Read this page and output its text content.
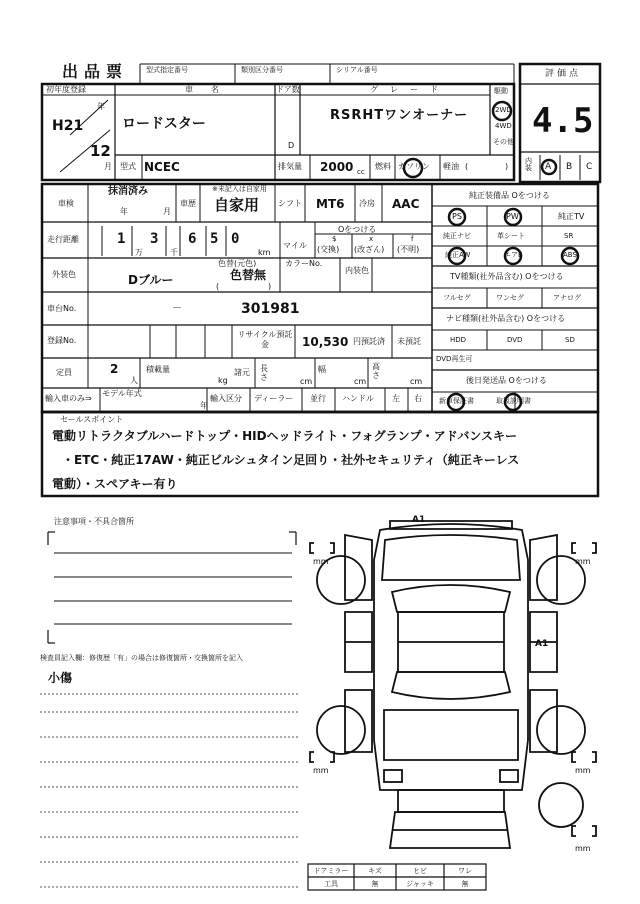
出品票	型式指定番号	類別区分番号	シリアル番号	評価点
4.5
初年度登録
H21
年
12
月
車名
ロードスター
ドア数
D
グレード
RSRHTワンオーナー
駆動
2WD
4WD
その他
型式 NCEC	排気量 2000 cc
燃料 ガソリン 軽油 (	)
内装	A B C
車検
抹消済み
年	月
車歴
※未記入は自家用
自家用 シフト MT6 冷房 AAC
走行距離	1 3 6 5 0
万	千	km
マイル
Oをつける
$	x	f
(交換) (改ざん) (不明)
外装色	Dブルー
色替(元色)
色替無
(	)
カラーNo.
内装色
車台No.	－	301981
登録No.
リサイクル預託金	10,530 円預託済 未預託
定員	2
人
積載量
kg
諸元 長さ	cm
幅
cm
高さ
cm
輸入車のみ⇒
モデル年式
年
輸入区分 ディーラー 並行 ハンドル 左 右
純正装備品 Oをつける
PS	PW	純正TV
純正ナビ	革シート	SR
純正AW	エアB	ABS
TV種類(社外品含む) Oをつける
フルセグ	ワンセグ	アナログ
ナビ種類(社外品含む) Oをつける
HDD	DVD	SD
DVD再生可
後日発送品 Oをつける
新車保証書	取扱説明書
セールスポイント
電動リトラクタブルハードトップ・HIDヘッドライト・フォグランプ・アドバンスキー
・ETC・純正17AW・純正ビルシュタイン足回り・社外セキュリティ（純正キーレス
電動）・スペアキー有り
注意事項・不具合箇所
検査員記入欄：修復歴「有」の場合は修復箇所・交換箇所を記入
小傷
A1
A1
mm	mm
mm	mm
mm
ドアミラー	キズ	ヒビ	ワレ
工具	無	ジャッキ	無
